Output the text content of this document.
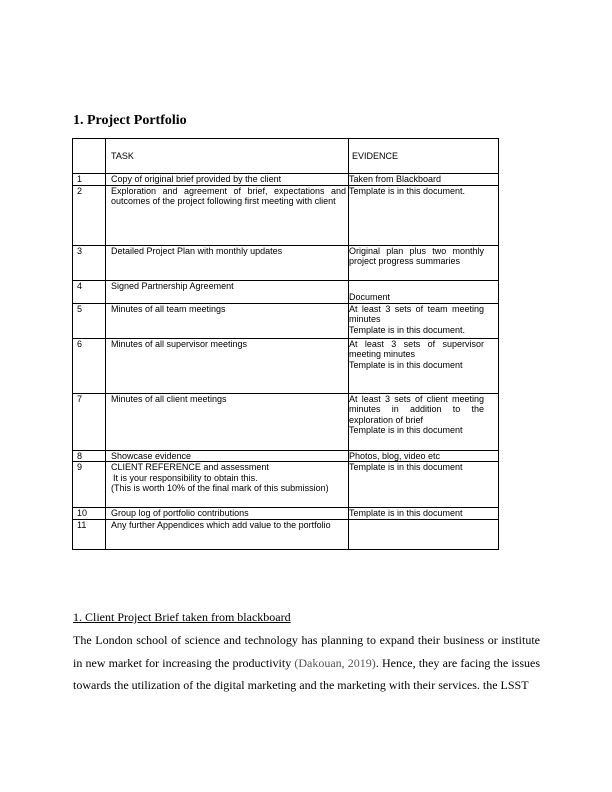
1. Project Portfolio
	TASK	EVIDENCE
1	Copy of original brief provided by the client	Taken from Blackboard
2	Exploration and agreement of brief, expectations and outcomes of the project following first meeting with client	Template is in this document.
3	Detailed Project Plan with monthly updates	Original plan plus two monthly project progress summaries
4	Signed Partnership Agreement	Document
5	Minutes of all team meetings	At least 3 sets of team meeting minutes
Template is in this document.

6	Minutes of all supervisor meetings	At least 3 sets of supervisor meeting minutes
Template is in this document

7	Minutes of all client meetings	At least 3 sets of client meeting minutes in addition to the exploration of brief
Template is in this document

8	Showcase evidence	Photos, blog, video etc
9	CLIENT REFERENCE and assessment
It is your responsibility to obtain this.
(This is worth 10% of the final mark of this submission)	Template is in this document
10	Group log of portfolio contributions	Template is in this document
11	Any further Appendices which add value to the portfolio	

1. Client Project Brief taken from blackboard

The London school of science and technology has planning to expand their business or institute in new market for increasing the productivity (Dakouan, 2019). Hence, they are facing the issues towards the utilization of the digital marketing and the marketing with their services. the LSST
